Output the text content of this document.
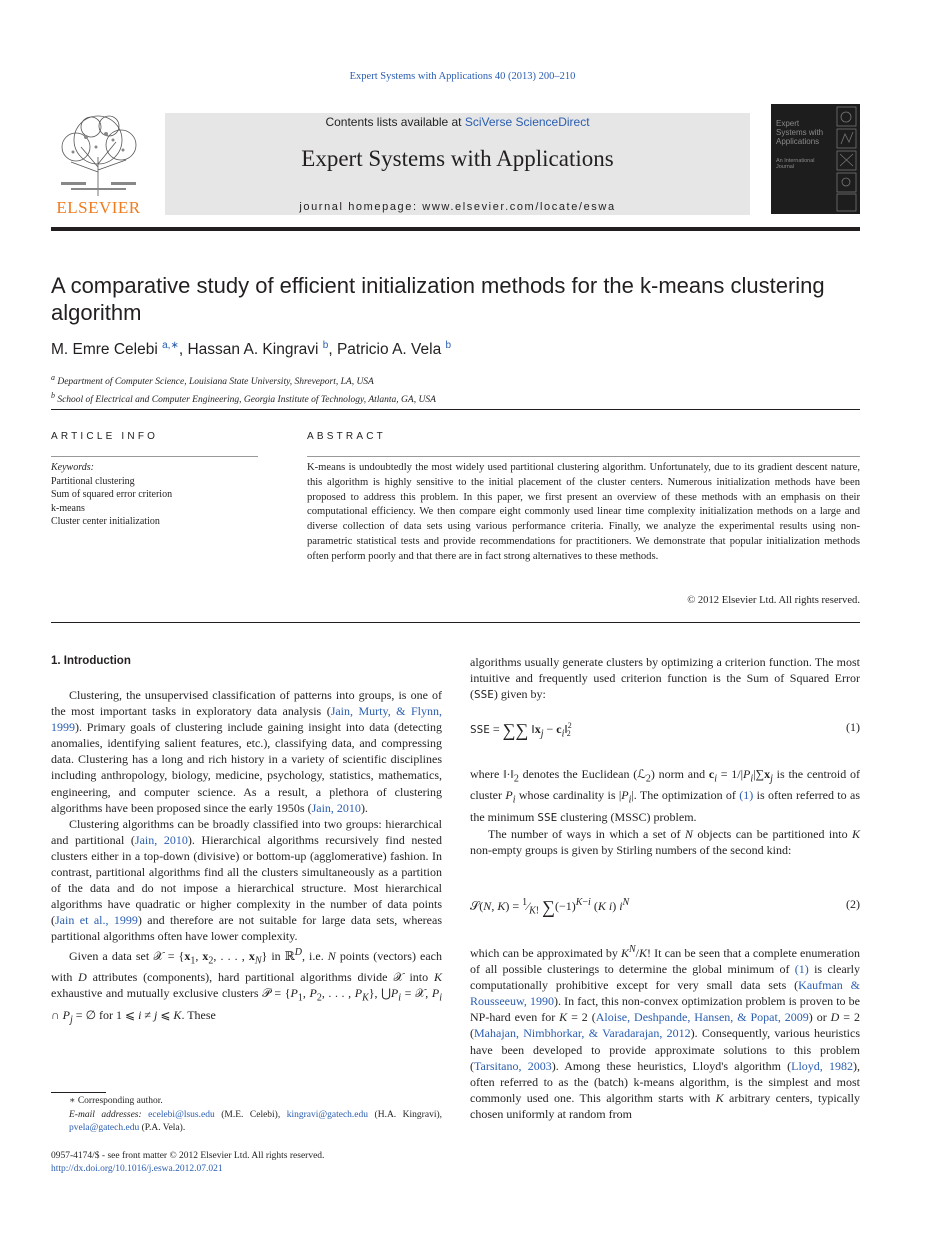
Expert Systems with Applications 40 (2013) 200–210
ELSEVIER
Contents lists available at SciVerse ScienceDirect
Expert Systems with Applications
journal homepage: www.elsevier.com/locate/eswa
Expert Systems with Applications
An International Journal
A comparative study of efficient initialization methods for the k-means clustering algorithm
M. Emre Celebi $^{a,∗}$, Hassan A. Kingravi $^b$, Patricio A. Vela $^b$
$^a$ Department of Computer Science, Louisiana State University, Shreveport, LA, USA
$^b$ School of Electrical and Computer Engineering, Georgia Institute of Technology, Atlanta, GA, USA
ARTICLE INFO	ABSTRACT
Keywords:
Partitional clustering
Sum of squared error criterion
k-means
Cluster center initialization
K-means is undoubtedly the most widely used partitional clustering algorithm. Unfortunately, due to its gradient descent nature, this algorithm is highly sensitive to the initial placement of the cluster centers. Numerous initialization methods have been proposed to address this problem. In this paper, we first present an overview of these methods with an emphasis on their computational efficiency. We then compare eight commonly used linear time complexity initialization methods on a large and diverse collection of data sets using various performance criteria. Finally, we analyze the experimental results using non-parametric statistical tests and provide recommendations for practitioners. We demonstrate that popular initialization methods often perform poorly and that there are in fact strong alternatives to these methods.
© 2012 Elsevier Ltd. All rights reserved.
1. Introduction

Clustering, the unsupervised classification of patterns into groups, is one of the most important tasks in exploratory data analysis (Jain, Murty, & Flynn, 1999). Primary goals of clustering include gaining insight into data (detecting anomalies, identifying salient features, etc.), classifying data, and compressing data. Clustering has a long and rich history in a variety of scientific disciplines including anthropology, biology, medicine, psychology, statistics, mathematics, engineering, and computer science. As a result, a plethora of clustering algorithms have been proposed since the early 1950s (Jain, 2010).

Clustering algorithms can be broadly classified into two groups: hierarchical and partitional (Jain, 2010). Hierarchical algorithms recursively find nested clusters either in a top-down (divisive) or bottom-up (agglomerative) fashion. In contrast, partitional algorithms find all the clusters simultaneously as a partition of the data and do not impose a hierarchical structure. Most hierarchical algorithms have quadratic or higher complexity in the number of data points (Jain et al., 1999) and therefore are not suitable for large data sets, whereas partitional algorithms often have lower complexity.

Given a data set 𝒳 = {$x_1$, $x_2$, . . . , $x_N$} in ℝ$^D$, i.e. N points (vectors) each with D attributes (components), hard partitional algorithms divide 𝒳 into K exhaustive and mutually exclusive clusters 𝒫 = {$P_1$, $P_2$, . . . , $P_K$}, $⋃P_i$ = 𝒳, $P_i$ ∩ $P_j$ = ∅ for 1 ⩽ i ≠ j ⩽ K. These

algorithms usually generate clusters by optimizing a criterion function. The most intuitive and frequently used criterion function is the Sum of Squared Error (SSE) given by:

SSE = ∑∑ $‖x_j$ − $c_i‖^2_2$	(1)

where $‖\cdot‖_2$ denotes the Euclidean (ℒ$_2$) norm and $c_i = 1/|P_i|\sum x_j$ is the centroid of cluster $P_i$ whose cardinality is $|P_i|$. The optimization of (1) is often referred to as the minimum SSE clustering (MSSC) problem.

The number of ways in which a set of N objects can be partitioned into K non-empty groups is given by Stirling numbers of the second kind:

𝒮(N, $K) = ^1⁄_{K!}$ $\sum(-1)^{K-i}$ (K i) $i^N$	(2)

which can be approximated by $K^N/K$! It can be seen that a complete enumeration of all possible clusterings to determine the global minimum of (1) is clearly computationally prohibitive except for very small data sets (Kaufman & Rousseeuw, 1990). In fact, this non-convex optimization problem is proven to be NP-hard even for K = 2 (Aloise, Deshpande, Hansen, & Popat, 2009) or D = 2 (Mahajan, Nimbhorkar, & Varadarajan, 2012). Consequently, various heuristics have been developed to provide approximate solutions to this problem (Tarsitano, 2003). Among these heuristics, Lloyd's algorithm (Lloyd, 1982), often referred to as the (batch) k-means algorithm, is the simplest and most commonly used one. This algorithm starts with K arbitrary centers, typically chosen uniformly at random from

∗ Corresponding author.
E-mail addresses: ecelebi@lsus.edu (M.E. Celebi), kingravi@gatech.edu (H.A. Kingravi), pvela@gatech.edu (P.A. Vela).
0957-4174/$ - see front matter © 2012 Elsevier Ltd. All rights reserved.
http://dx.doi.org/10.1016/j.eswa.2012.07.021
